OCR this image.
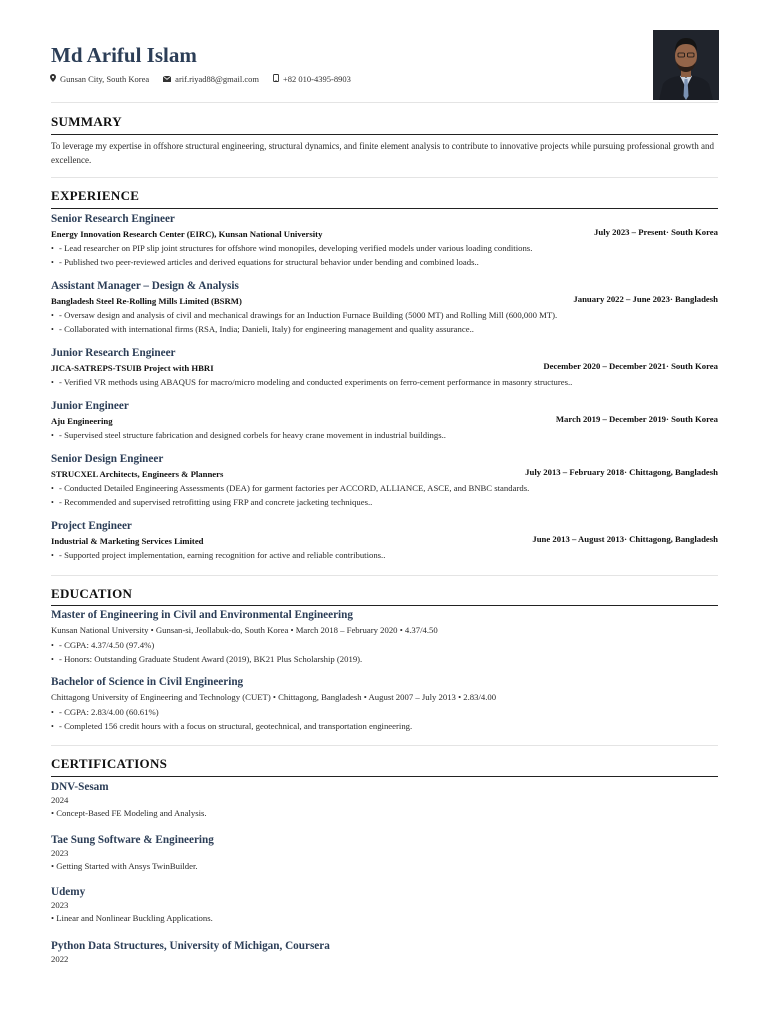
Md Ariful Islam
Gunsan City, South Korea	arif.riyad88@gmail.com	+82 010-4395-8903
SUMMARY
To leverage my expertise in offshore structural engineering, structural dynamics, and finite element analysis to contribute to innovative projects while pursuing professional growth and excellence.
EXPERIENCE
Senior Research Engineer
Energy Innovation Research Center (EIRC), Kunsan National University	July 2023 – Present· South Korea
• - Lead researcher on PIP slip joint structures for offshore wind monopiles, developing verified models under various loading conditions.
• - Published two peer-reviewed articles and derived equations for structural behavior under bending and combined loads..
Assistant Manager – Design & Analysis
Bangladesh Steel Re-Rolling Mills Limited (BSRM)	January 2022 – June 2023· Bangladesh
• - Oversaw design and analysis of civil and mechanical drawings for an Induction Furnace Building (5000 MT) and Rolling Mill (600,000 MT).
• - Collaborated with international firms (RSA, India; Danieli, Italy) for engineering management and quality assurance..
Junior Research Engineer
JICA-SATREPS-TSUIB Project with HBRI	December 2020 – December 2021· South Korea
• - Verified VR methods using ABAQUS for macro/micro modeling and conducted experiments on ferro-cement performance in masonry structures..
Junior Engineer
Aju Engineering	March 2019 – December 2019· South Korea
• - Supervised steel structure fabrication and designed corbels for heavy crane movement in industrial buildings..
Senior Design Engineer
STRUCXEL Architects, Engineers & Planners	July 2013 – February 2018· Chittagong, Bangladesh
• - Conducted Detailed Engineering Assessments (DEA) for garment factories per ACCORD, ALLIANCE, ASCE, and BNBC standards.
• - Recommended and supervised retrofitting using FRP and concrete jacketing techniques..
Project Engineer
Industrial & Marketing Services Limited	June 2013 – August 2013· Chittagong, Bangladesh
• - Supported project implementation, earning recognition for active and reliable contributions..
EDUCATION
Master of Engineering in Civil and Environmental Engineering
Kunsan National University • Gunsan-si, Jeollabuk-do, South Korea • March 2018 – February 2020 • 4.37/4.50
• - CGPA: 4.37/4.50 (97.4%)
• - Honors: Outstanding Graduate Student Award (2019), BK21 Plus Scholarship (2019).
Bachelor of Science in Civil Engineering
Chittagong University of Engineering and Technology (CUET) • Chittagong, Bangladesh • August 2007 – July 2013 • 2.83/4.00
• - CGPA: 2.83/4.00 (60.61%)
• - Completed 156 credit hours with a focus on structural, geotechnical, and transportation engineering.
CERTIFICATIONS
DNV-Sesam
2024
• Concept-Based FE Modeling and Analysis.
Tae Sung Software & Engineering
2023
• Getting Started with Ansys TwinBuilder.
Udemy
2023
• Linear and Nonlinear Buckling Applications.
Python Data Structures, University of Michigan, Coursera
2022
